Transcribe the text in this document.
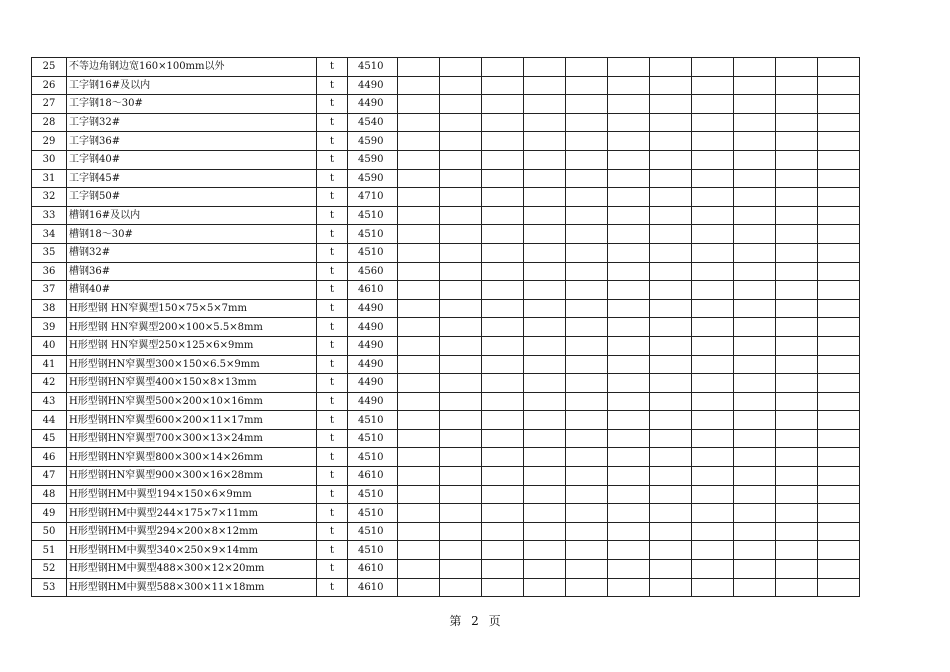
25	不等边角钢边宽160×100mm以外	t	4510											
26	工字钢16#及以内	t	4490											
27	工字钢18～30#	t	4490											
28	工字钢32#	t	4540											
29	工字钢36#	t	4590											
30	工字钢40#	t	4590											
31	工字钢45#	t	4590											
32	工字钢50#	t	4710											
33	槽钢16#及以内	t	4510											
34	槽钢18～30#	t	4510											
35	槽钢32#	t	4510											
36	槽钢36#	t	4560											
37	槽钢40#	t	4610											
38	H形型钢 HN窄翼型150×75×5×7mm	t	4490											
39	H形型钢 HN窄翼型200×100×5.5×8mm	t	4490											
40	H形型钢 HN窄翼型250×125×6×9mm	t	4490											
41	H形型钢HN窄翼型300×150×6.5×9mm	t	4490											
42	H形型钢HN窄翼型400×150×8×13mm	t	4490											
43	H形型钢HN窄翼型500×200×10×16mm	t	4490											
44	H形型钢HN窄翼型600×200×11×17mm	t	4510											
45	H形型钢HN窄翼型700×300×13×24mm	t	4510											
46	H形型钢HN窄翼型800×300×14×26mm	t	4510											
47	H形型钢HN窄翼型900×300×16×28mm	t	4610											
48	H形型钢HM中翼型194×150×6×9mm	t	4510											
49	H形型钢HM中翼型244×175×7×11mm	t	4510											
50	H形型钢HM中翼型294×200×8×12mm	t	4510											
51	H形型钢HM中翼型340×250×9×14mm	t	4510											
52	H形型钢HM中翼型488×300×12×20mm	t	4610											
53	H形型钢HM中翼型588×300×11×18mm	t	4610											
第 2 页
